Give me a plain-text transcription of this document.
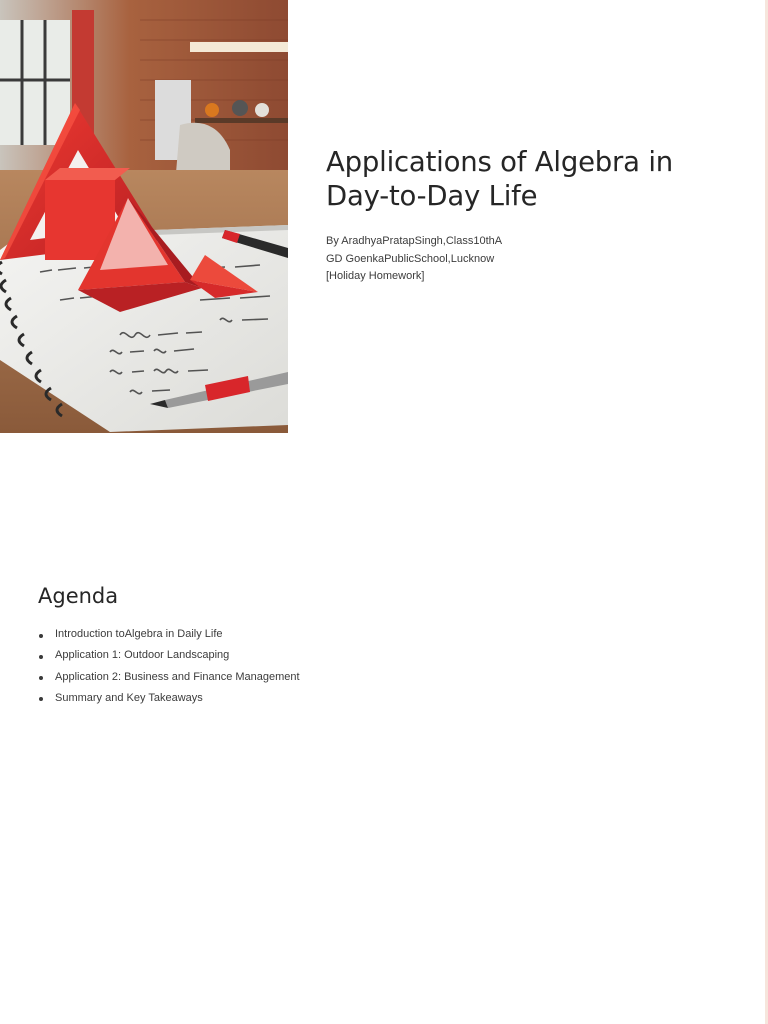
Applications of Algebra in
Day-to-Day Life
By AradhyaPratapSingh,Class10thA
GD GoenkaPublicSchool,Lucknow
[Holiday Homework]
Agenda
Introduction toAlgebra in Daily Life
Application 1: Outdoor Landscaping
Application 2: Business and Finance Management
Summary and Key Takeaways
